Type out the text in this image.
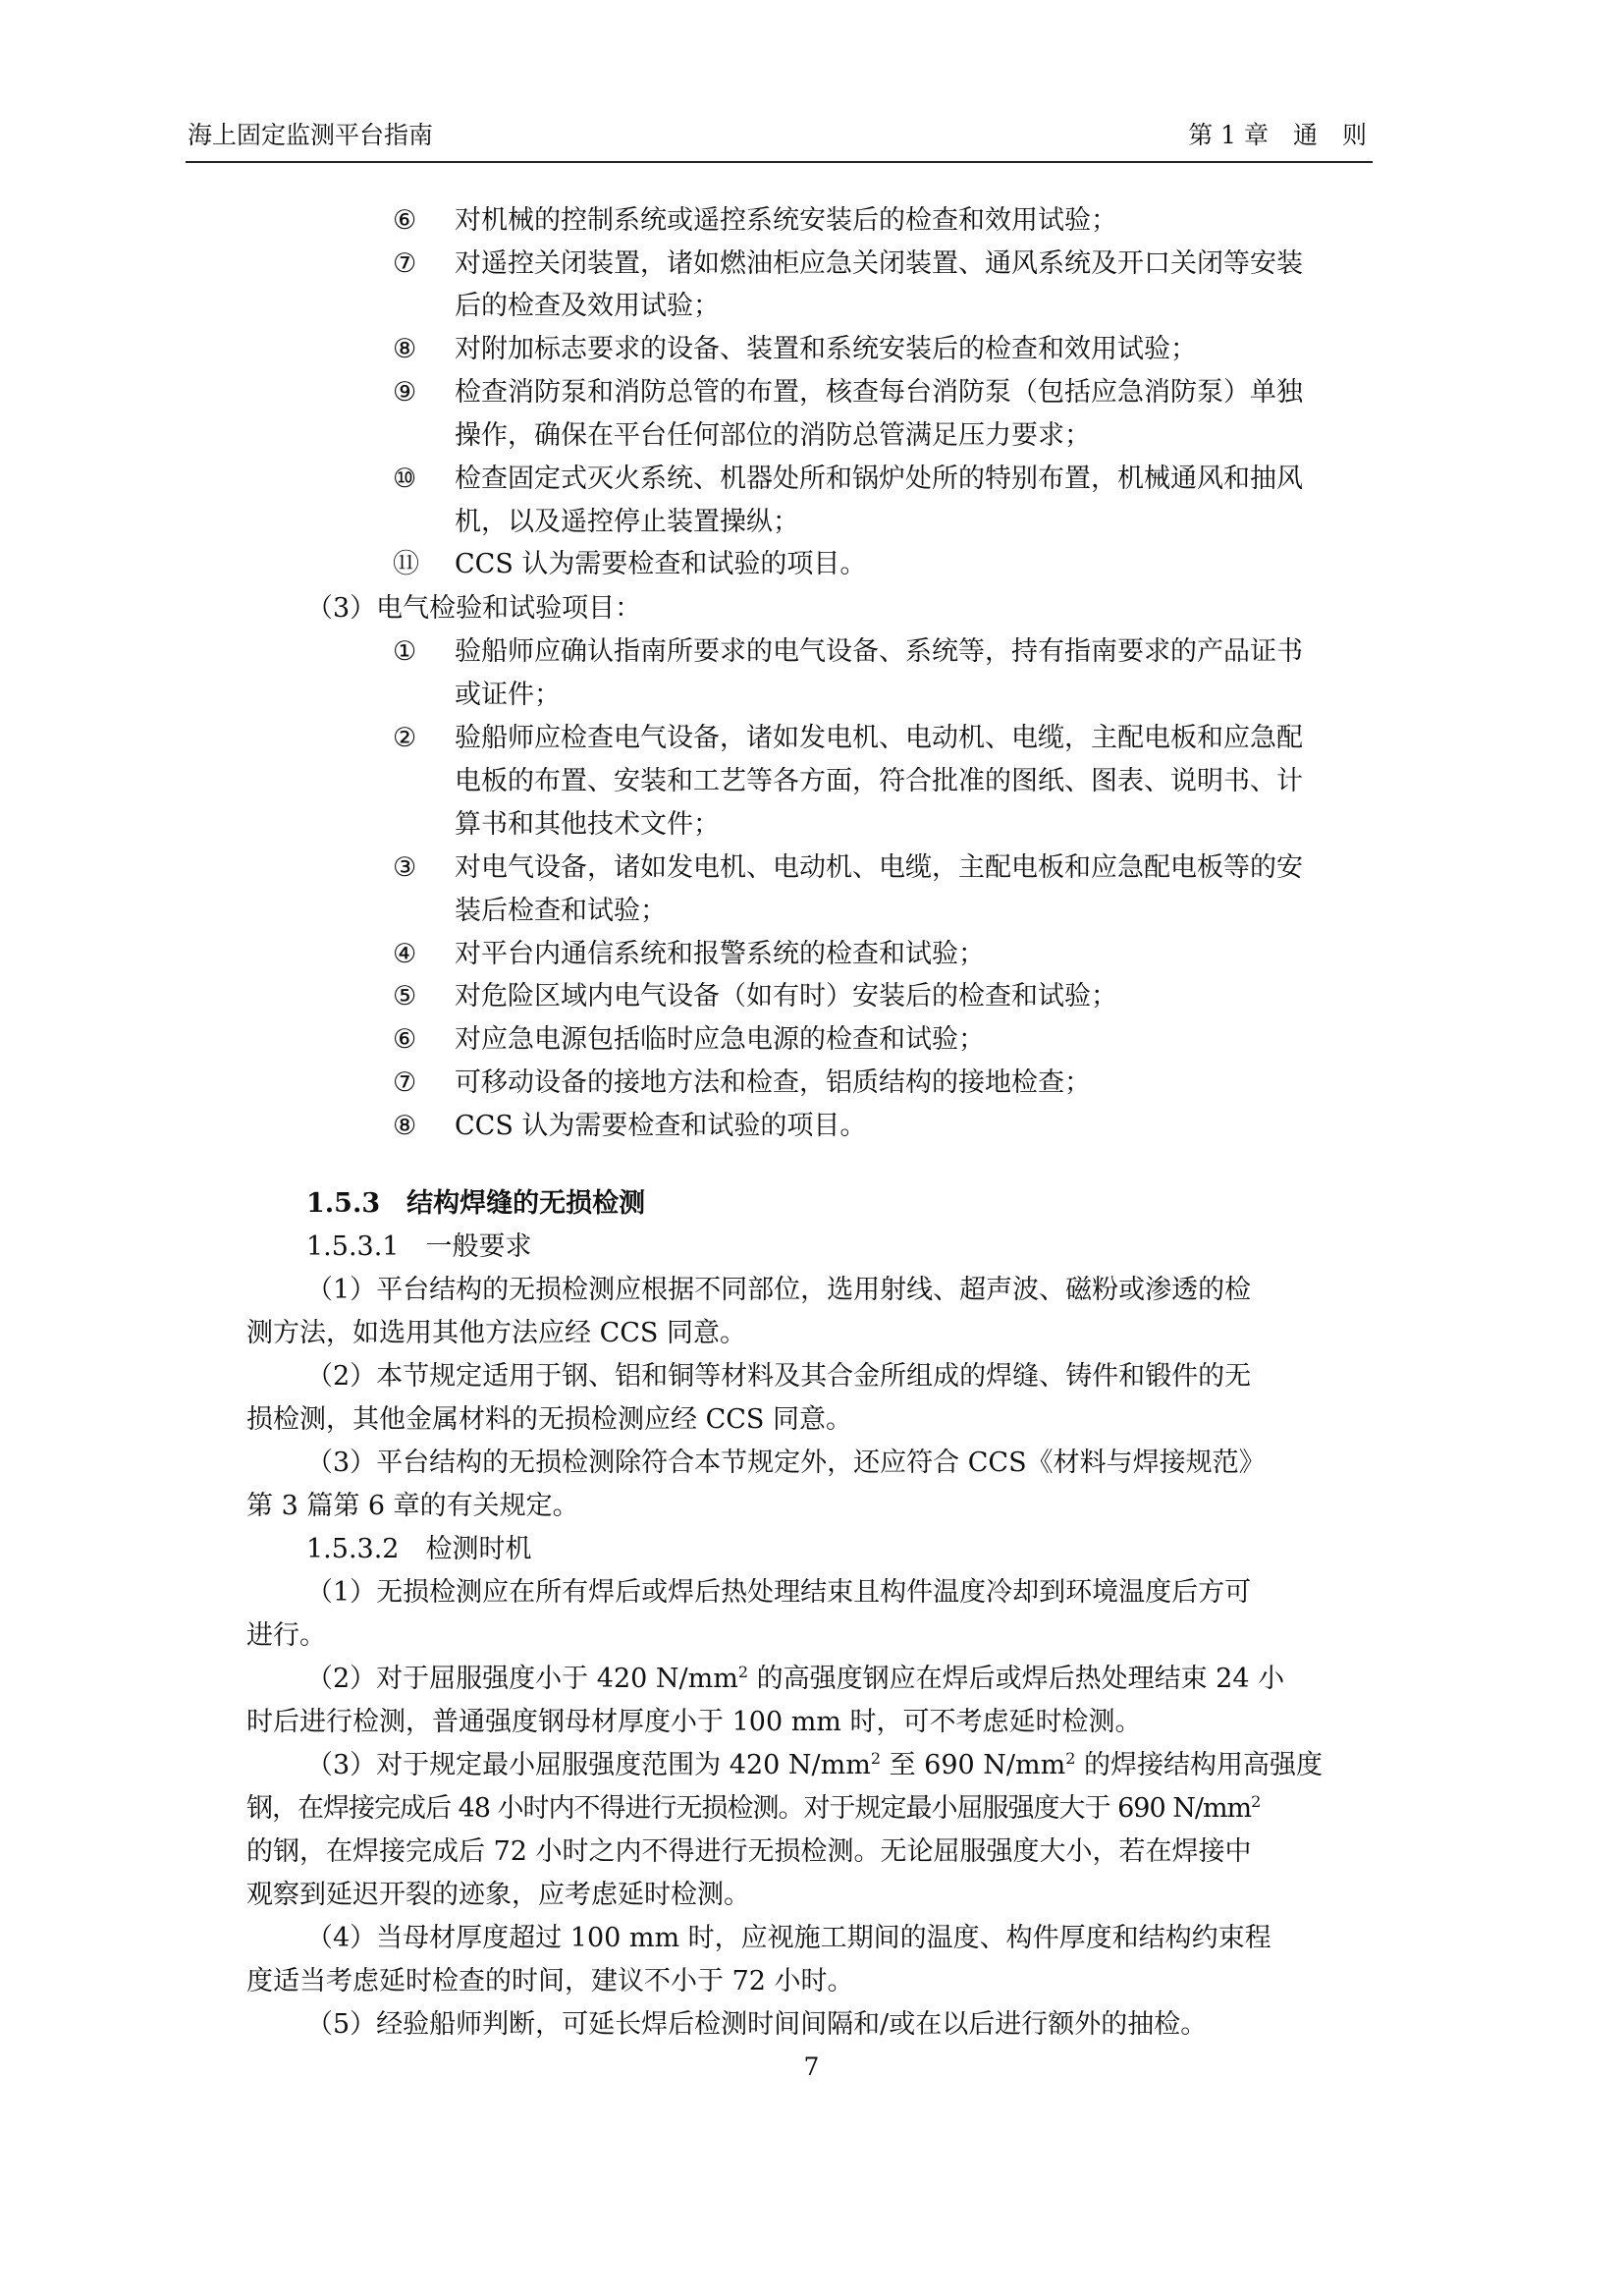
海上固定监测平台指南	第 1 章　通　则
⑥ 对机械的控制系统或遥控系统安装后的检查和效用试验；
⑦ 对遥控关闭装置，诸如燃油柜应急关闭装置、通风系统及开口关闭等安装
后的检查及效用试验；
⑧ 对附加标志要求的设备、装置和系统安装后的检查和效用试验；
⑨ 检查消防泵和消防总管的布置，核查每台消防泵（包括应急消防泵）单独
操作，确保在平台任何部位的消防总管满足压力要求；
⑩ 检查固定式灭火系统、机器处所和锅炉处所的特别布置，机械通风和抽风
机，以及遥控停止装置操纵；
⑪ CCS 认为需要检查和试验的项目。
（3）电气检验和试验项目：
① 验船师应确认指南所要求的电气设备、系统等，持有指南要求的产品证书
或证件；
② 验船师应检查电气设备，诸如发电机、电动机、电缆，主配电板和应急配
电板的布置、安装和工艺等各方面，符合批准的图纸、图表、说明书、计
算书和其他技术文件；
③ 对电气设备，诸如发电机、电动机、电缆，主配电板和应急配电板等的安
装后检查和试验；
④ 对平台内通信系统和报警系统的检查和试验；
⑤ 对危险区域内电气设备（如有时）安装后的检查和试验；
⑥ 对应急电源包括临时应急电源的检查和试验；
⑦ 可移动设备的接地方法和检查，铝质结构的接地检查；
⑧ CCS 认为需要检查和试验的项目。
1.5.3　结构焊缝的无损检测
1.5.3.1　一般要求
（1）平台结构的无损检测应根据不同部位，选用射线、超声波、磁粉或渗透的检
测方法，如选用其他方法应经 CCS 同意。
（2）本节规定适用于钢、铝和铜等材料及其合金所组成的焊缝、铸件和锻件的无
损检测，其他金属材料的无损检测应经 CCS 同意。
（3）平台结构的无损检测除符合本节规定外，还应符合 CCS《材料与焊接规范》
第 3 篇第 6 章的有关规定。
1.5.3.2　检测时机
（1）无损检测应在所有焊后或焊后热处理结束且构件温度冷却到环境温度后方可
进行。
（2）对于屈服强度小于 420 $N/mm^2$ 的高强度钢应在焊后或焊后热处理结束 24 小
时后进行检测，普通强度钢母材厚度小于 100 mm 时，可不考虑延时检测。
（3）对于规定最小屈服强度范围为 420 $N/mm^2$ 至 690 $N/mm^2$ 的焊接结构用高强度
钢，在焊接完成后 48 小时内不得进行无损检测。对于规定最小屈服强度大于 690 $N/mm^2$
的钢，在焊接完成后 72 小时之内不得进行无损检测。无论屈服强度大小，若在焊接中
观察到延迟开裂的迹象，应考虑延时检测。
（4）当母材厚度超过 100 mm 时，应视施工期间的温度、构件厚度和结构约束程
度适当考虑延时检查的时间，建议不小于 72 小时。
（5）经验船师判断，可延长焊后检测时间间隔和/或在以后进行额外的抽检。
7
